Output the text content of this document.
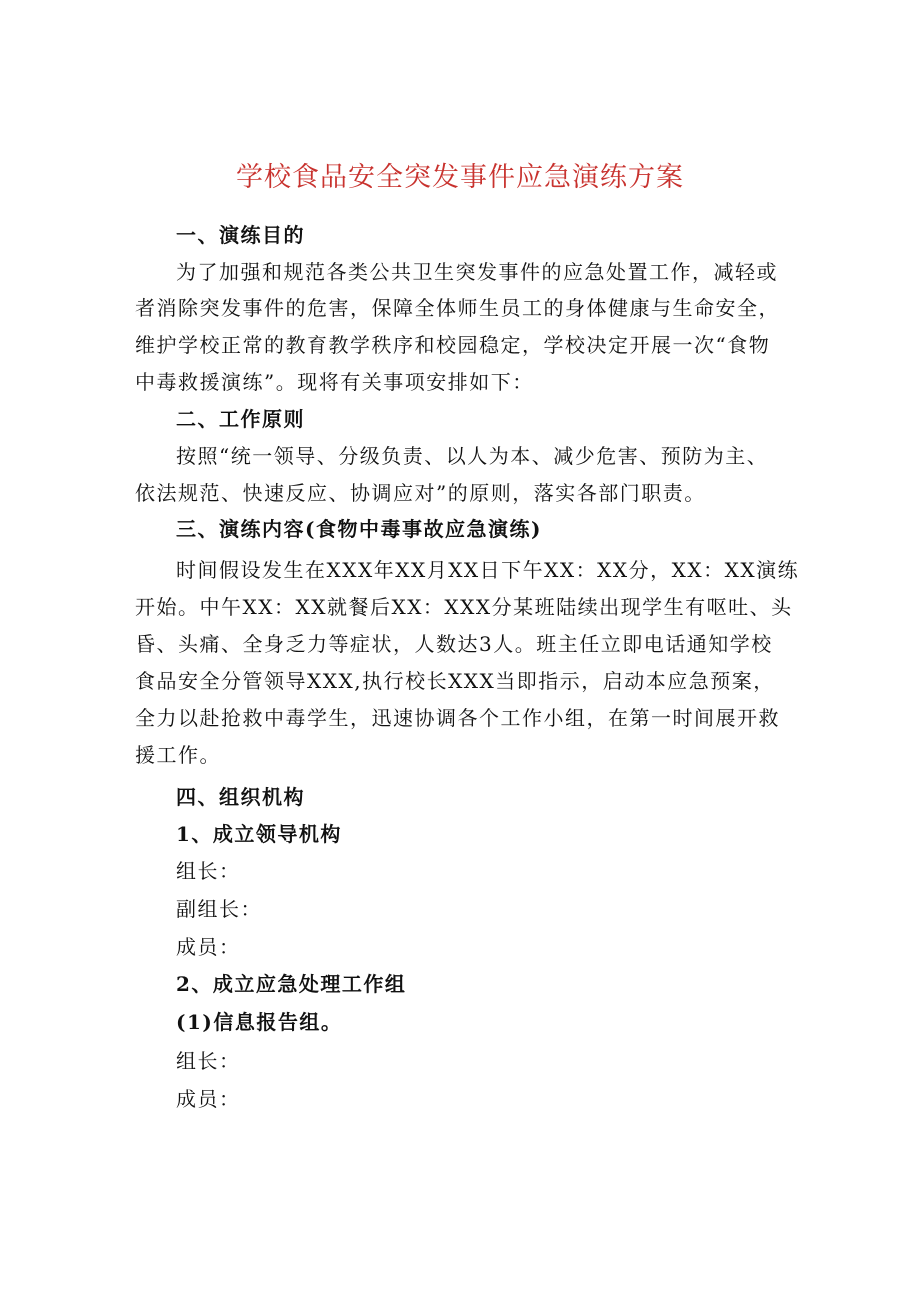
学校食品安全突发事件应急演练方案
一、演练目的
为了加强和规范各类公共卫生突发事件的应急处置工作，减轻或
者消除突发事件的危害，保障全体师生员工的身体健康与生命安全，
维护学校正常的教育教学秩序和校园稳定，学校决定开展一次“食物
中毒救援演练”。现将有关事项安排如下：
二、工作原则
按照“统一领导、分级负责、以人为本、减少危害、预防为主、
依法规范、快速反应、协调应对”的原则，落实各部门职责。
三、演练内容(食物中毒事故应急演练)
时间假设发生在XXX年XX月XX日下午XX：XX分，XX：XX演练
开始。中午XX：XX就餐后XX：XXX分某班陆续出现学生有呕吐、头
昏、头痛、全身乏力等症状，人数达3人。班主任立即电话通知学校
食品安全分管领导XXX,执行校长XXX当即指示，启动本应急预案，
全力以赴抢救中毒学生，迅速协调各个工作小组，在第一时间展开救
援工作。
四、组织机构
1、成立领导机构
组长：
副组长：
成员：
2、成立应急处理工作组
(1)信息报告组。
组长：
成员：
